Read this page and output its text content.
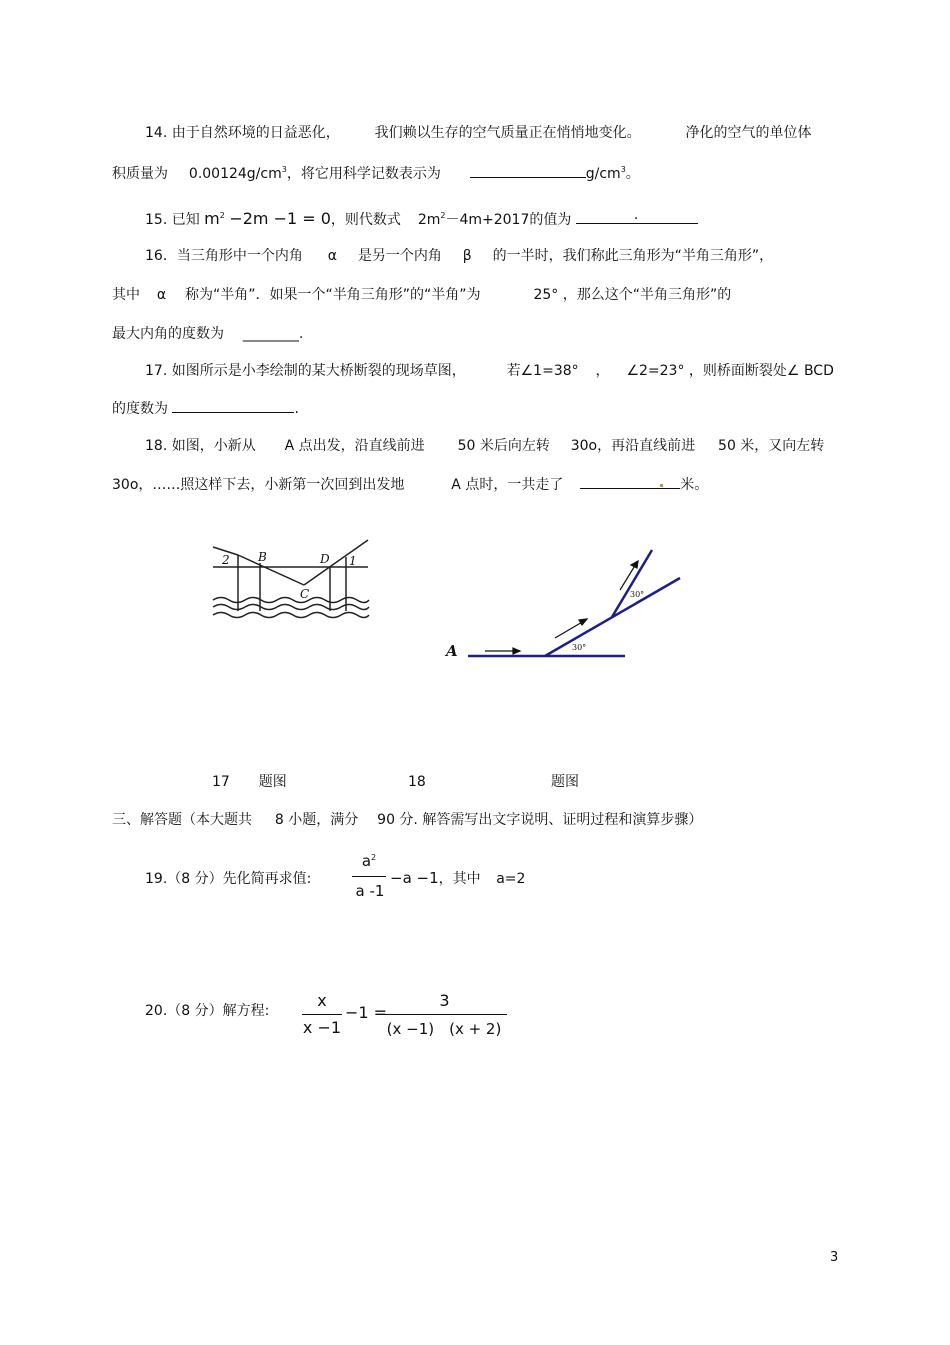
14. 由于自然环境的日益恶化， 我们赖以生存的空气质量正在悄悄地变化。	净化的空气的单位体
积质量为 $0.00124g/cm^3$，将它用科学记数表示为	$g/cm^3$。
15. 已知 $m^2 -2m -1 = 0$，则代数式 $2m^2-4m+2017$的值为	.
16．当三角形中一个内角 α 是另一个内角 β 的一半时，我们称此三角形为“半角三角形”，
其中 α 称为“半角”．如果一个“半角三角形”的“半角”为	25° ，那么这个“半角三角形”的
最大内角的度数为 ________.
17. 如图所示是小李绘制的某大桥断裂的现场草图，	若∠1=38° ， ∠2=23° ，则桥面断裂处∠ BCD
的度数为	.
18. 如图，小新从 A 点出发，沿直线前进 50 米后向左转 30o，再沿直线前进 50 米，又向左转
30o，……照这样下去，小新第一次回到出发地	A 点时，一共走了	米。
2 B
C
D 1
A	30°
30°
17 题图	18	题图
三、解答题（本大题共 8 小题，满分 90 分. 解答需写出文字说明、证明过程和演算步骤）
19.（8 分）先化简再求值:
$a^2$
a -1
−a −1，其中 a=2
20.（8 分）解方程:
x
x −1
−1 =
3
(x −1)　(x + 2)
3
